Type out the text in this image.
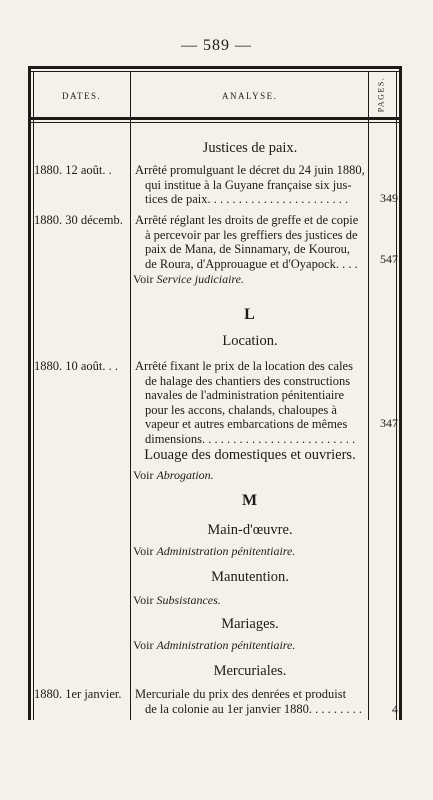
— 589 —
DATES.	ANALYSE.	PAGES.
Justices de paix.
1880. 12 août. .	Arrêté promulguant le décret du 24 juin 1880,
qui institue à la Guyane française six jus-
tices de paix. . . . . . . . . . . . . . . . . . . . . . .	349
1880. 30 décemb. Arrêté réglant les droits de greffe et de copie
à percevoir par les greffiers des justices de
paix de Mana, de Sinnamary, de Kourou,
de Roura, d'Approuague et d'Oyapock. . . .	547
Voir Service judiciaire.
L
Location.
1880. 10 août. . .	Arrêté fixant le prix de la location des cales
de halage des chantiers des constructions
navales de l'administration pénitentiaire
pour les accons, chalands, chaloupes à
vapeur et autres embarcations de mêmes
dimensions. . . . . . . . . . . . . . . . . . . . . . . . .
347
Louage des domestiques et ouvriers.
Voir Abrogation.
M
Main-d'œuvre.
Voir Administration pénitentiaire.
Manutention.
Voir Subsistances.
Mariages.
Voir Administration pénitentiaire.
Mercuriales.
1880. 1er janvier.	Mercuriale du prix des denrées et produist
de la colonie au 1er janvier 1880. . . . . . . . .	4
